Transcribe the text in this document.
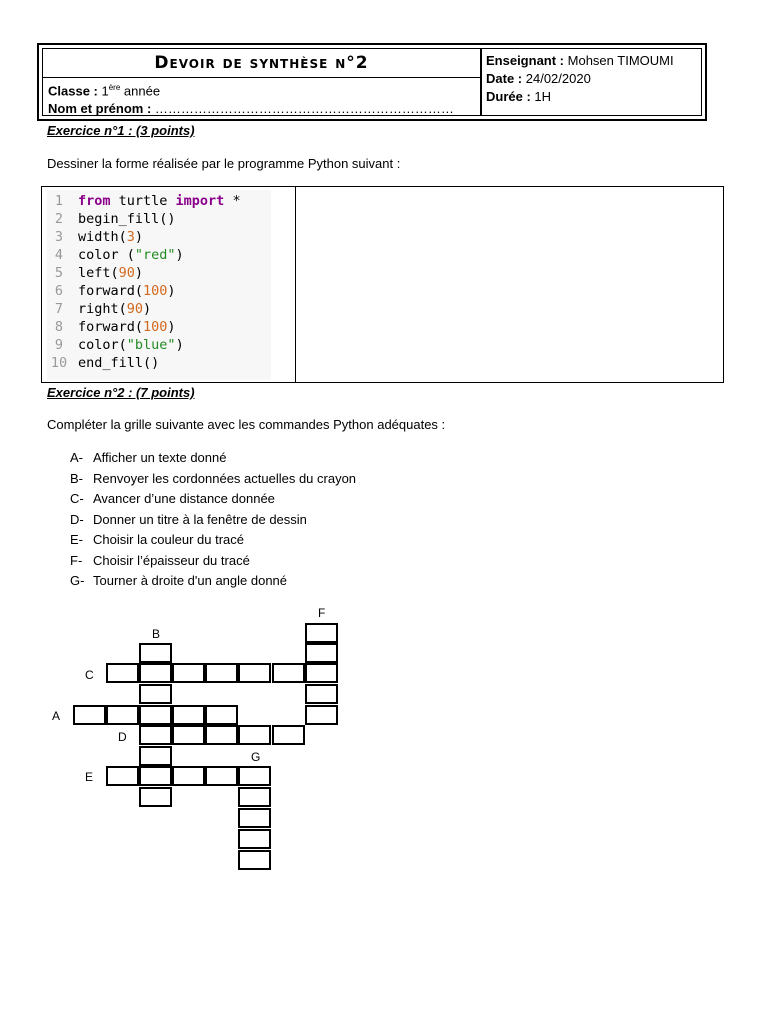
Devoir de synthèse n°2
Classe : 1ère année
Nom et prénom : ……………………………………………………………
Enseignant : Mohsen TIMOUMI
Date : 24/02/2020
Durée : 1H
Exercice n°1 : (3 points)
Dessiner la forme réalisée par le programme Python suivant :
1
2
3
4
5
6
7
8
9
10
from turtle import *
begin_fill()
width(3)
color ("red")
left(90)
forward(100)
right(90)
forward(100)
color("blue")
end_fill()
Exercice n°2 : (7 points)
Compléter la grille suivante avec les commandes Python adéquates :
A- Afficher un texte donné
B- Renvoyer les cordonnées actuelles du crayon
C- Avancer d’une distance donnée
D- Donner un titre à la fenêtre de dessin
E- Choisir la couleur du tracé
F- Choisir l’épaisseur du tracé
G- Tourner à droite d'un angle donné
B
F
C
A
D
G
E
